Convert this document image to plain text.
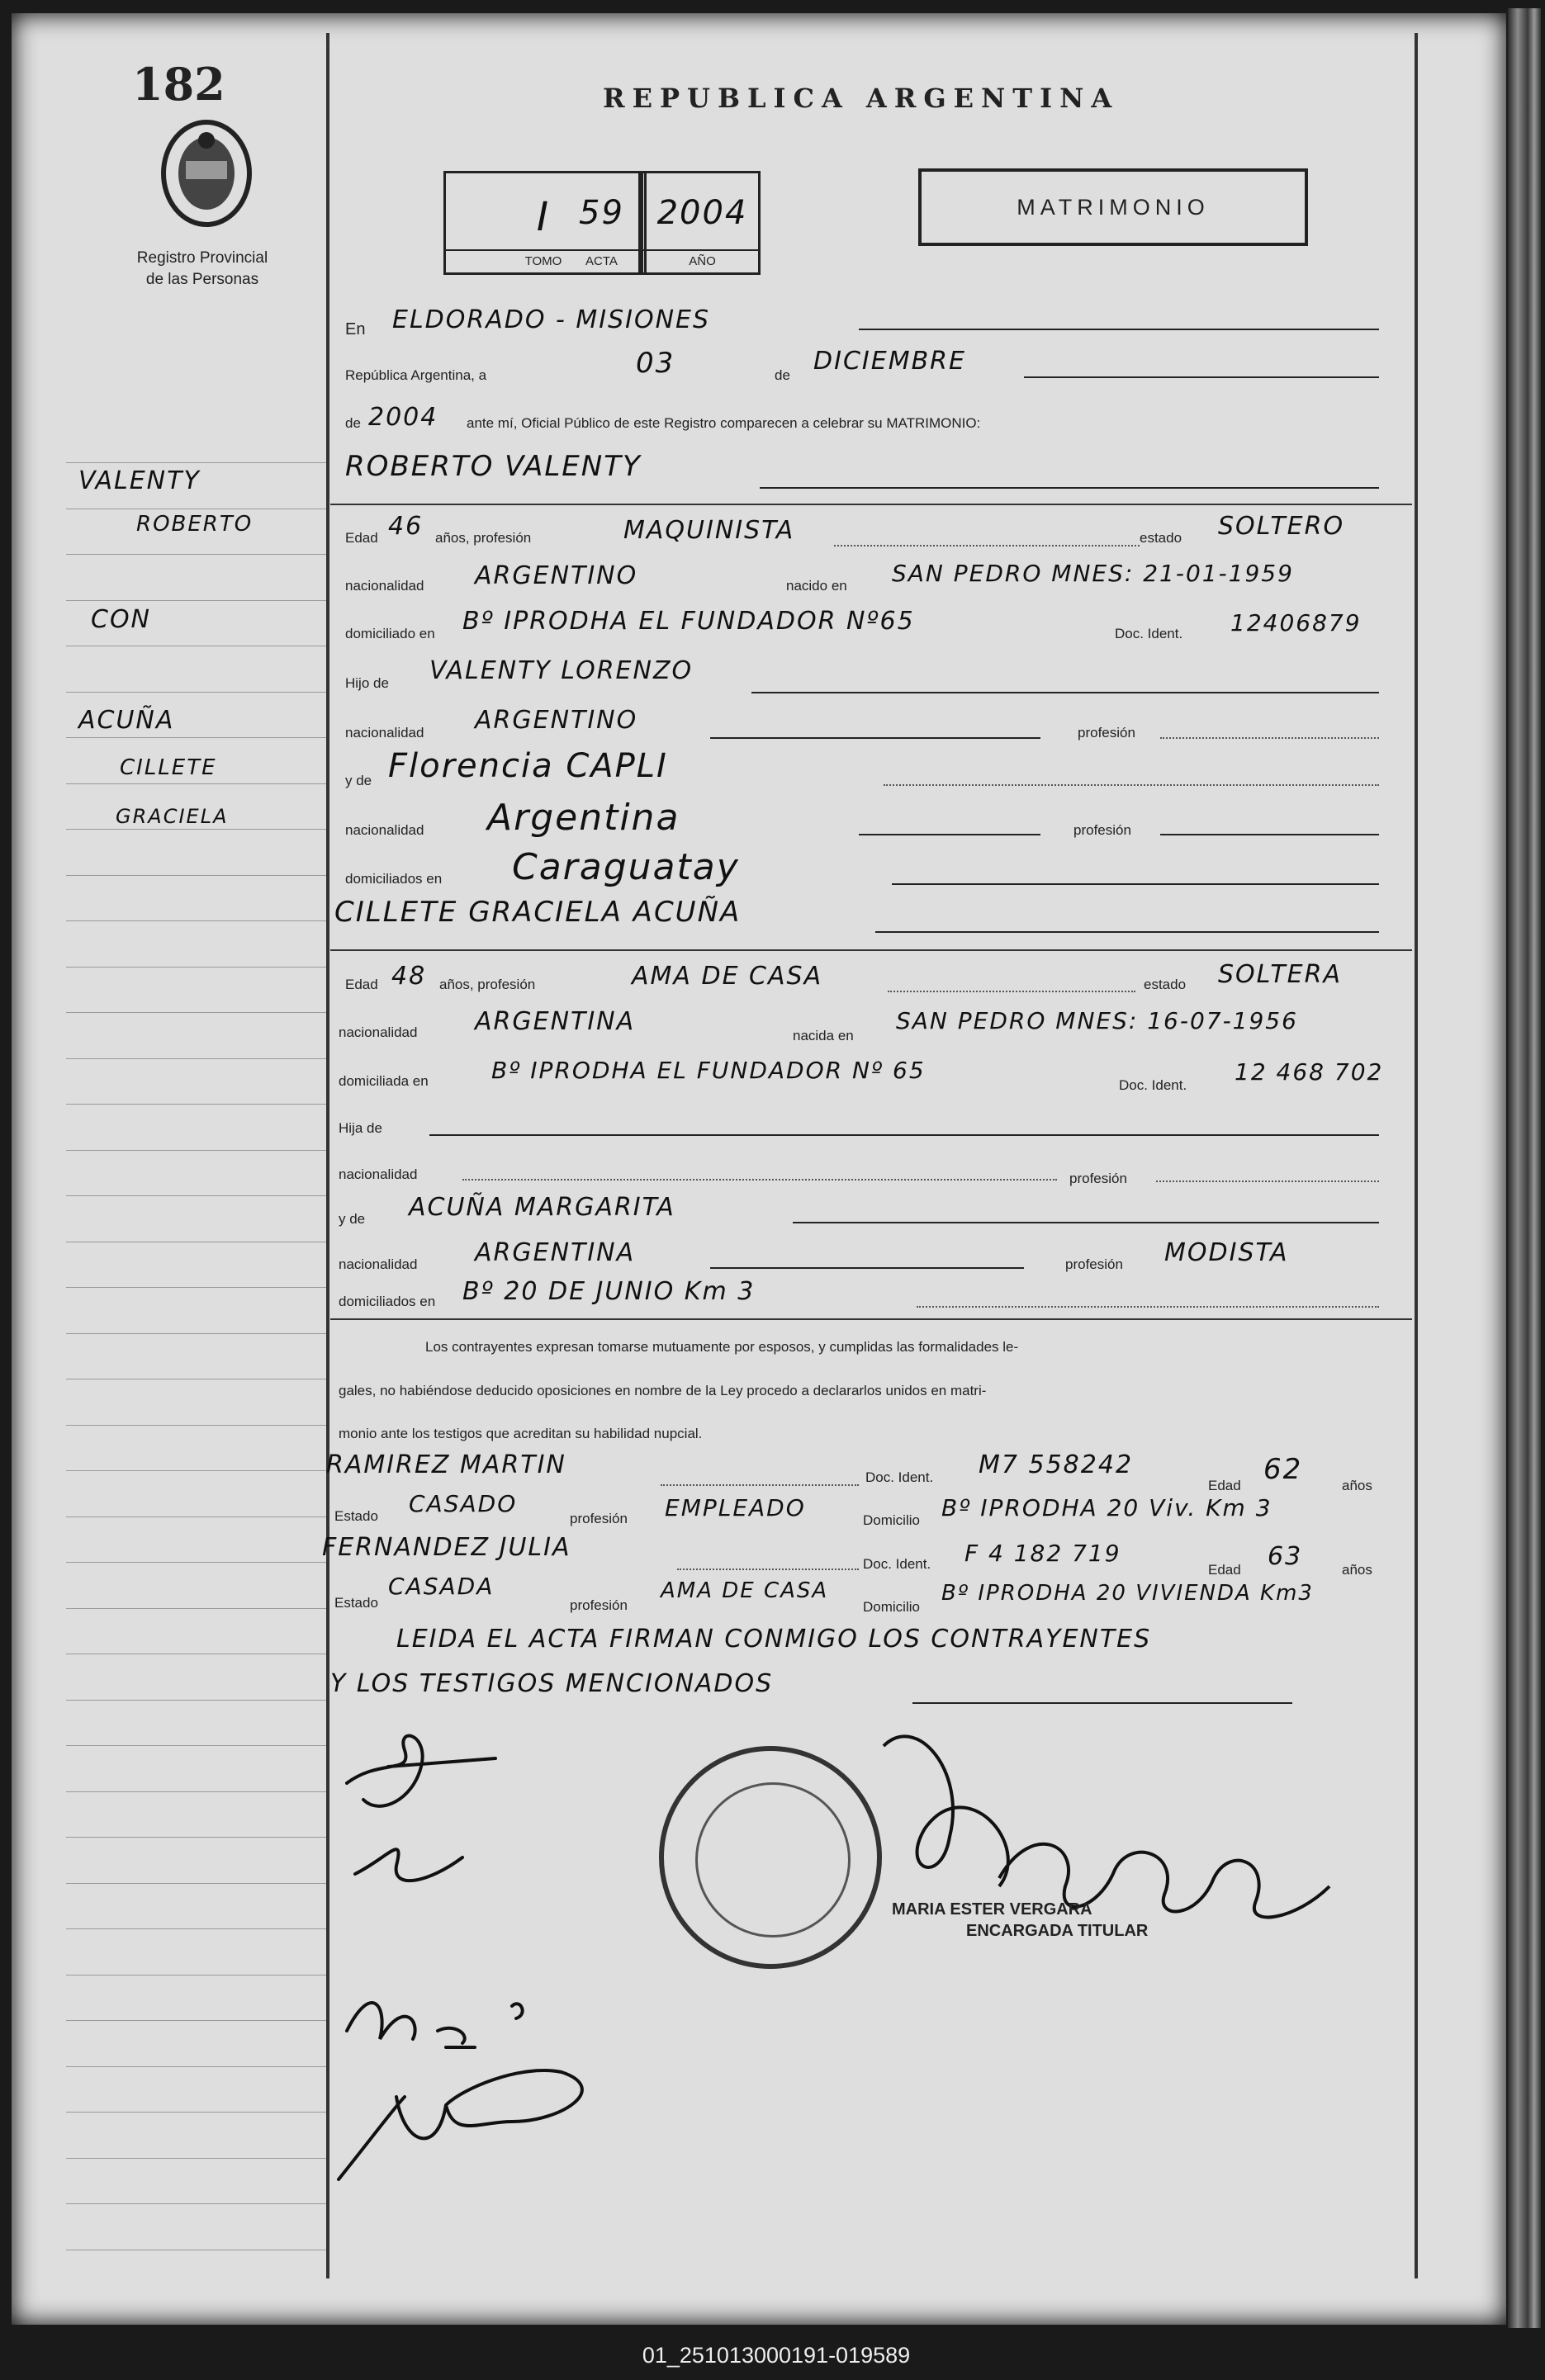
182
Registro Provincial
de las Personas
REPUBLICA ARGENTINA
I
TOMO
59
ACTA
2004
AÑO
MATRIMONIO
VALENTY
ROBERTO
CON
ACUÑA
CILLETE
GRACIELA
En ELDORADO - MISIONES
República Argentina, a	03	de DICIEMBRE
de 2004 ante mí, Oficial Público de este Registro comparecen a celebrar su MATRIMONIO:
ROBERTO VALENTY
Edad 46 años, profesión	MAQUINISTA	estado SOLTERO
nacionalidad ARGENTINO	nacido en SAN PEDRO MNES: 21-01-1959
domiciliado en Bº IPRODHA EL FUNDADOR Nº65	Doc. Ident. 12406879
Hijo de VALENTY LORENZO
nacionalidad ARGENTINO	profesión
y de Florencia CAPLI
nacionalidad Argentina	profesión
domiciliados en Caraguatay
CILLETE GRACIELA ACUÑA
Edad 48 años, profesión	AMA DE CASA	estado SOLTERA
nacionalidad ARGENTINA	nacida en
SAN PEDRO MNES: 16-07-1956
domiciliada en	Bº IPRODHA EL FUNDADOR Nº 65
Doc. Ident. 12 468 702
Hija de
nacionalidad	profesión
y de ACUÑA MARGARITA
nacionalidad ARGENTINA	profesión MODISTA
domiciliados en Bº 20 DE JUNIO Km 3
Los contrayentes expresan tomarse mutuamente por esposos, y cumplidas las formalidades le-
gales, no habiéndose deducido oposiciones en nombre de la Ley procedo a declararlos unidos en matri-
monio ante los testigos que acreditan su habilidad nupcial.
RAMIREZ MARTIN	Doc. Ident. M7 558242
Edad 62	años
Estado CASADO
profesión EMPLEADO	Domicilio Bº IPRODHA 20 Viv. Km 3
FERNANDEZ JULIA
Doc. Ident. F 4 182 719
Edad 63	años
Estado
CASADA
profesión
AMA DE CASA
Domicilio
Bº IPRODHA 20 VIVIENDA Km3
LEIDA EL ACTA FIRMAN CONMIGO LOS CONTRAYENTES
Y LOS TESTIGOS MENCIONADOS
MARIA ESTER VERGARA
ENCARGADA TITULAR
01_251013000191-019589
